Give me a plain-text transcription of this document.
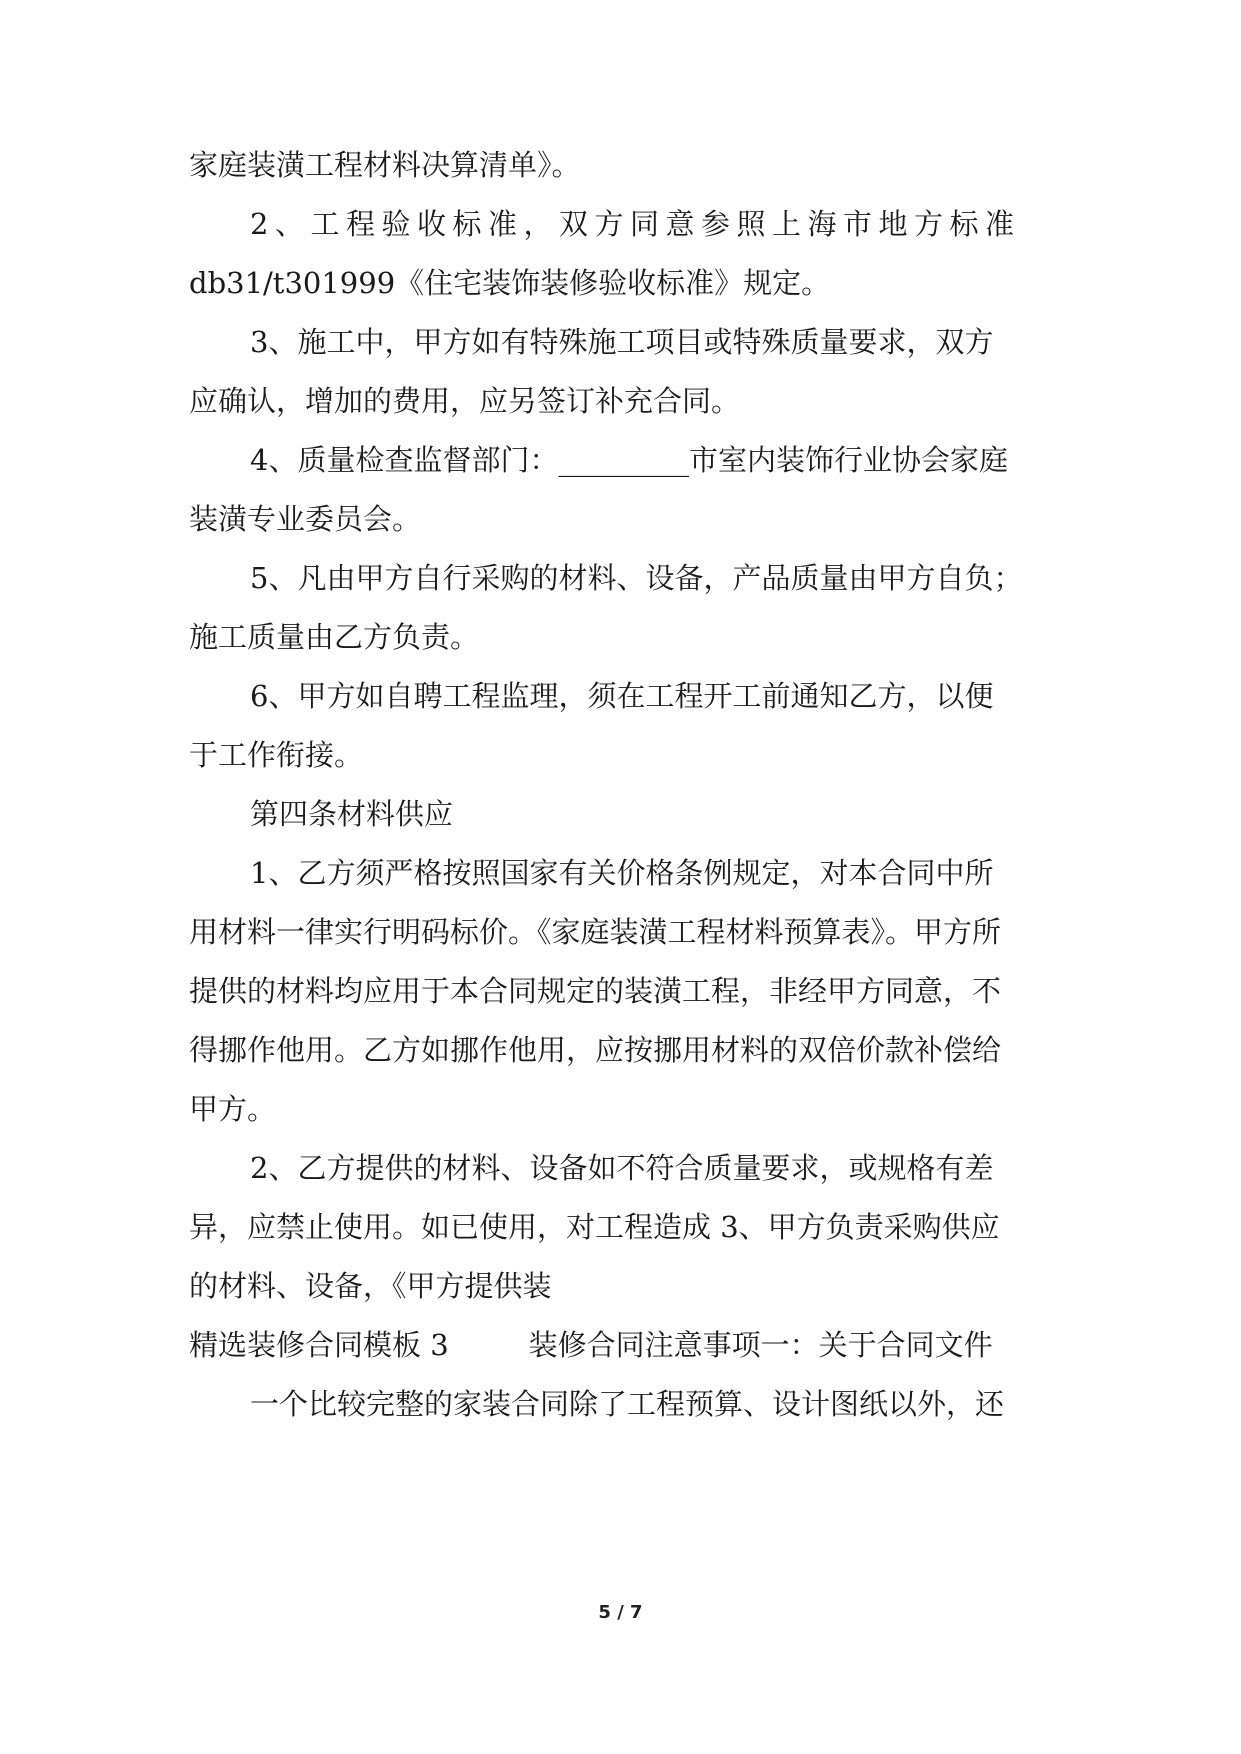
家庭装潢工程材料决算清单》。
2、工程验收标准，双方同意参照上海市地方标准
db31/t301999《住宅装饰装修验收标准》规定。
3、施工中，甲方如有特殊施工项目或特殊质量要求，双方
应确认，增加的费用，应另签订补充合同。
4、质量检查监督部门：_________市室内装饰行业协会家庭
装潢专业委员会。
5、凡由甲方自行采购的材料、设备，产品质量由甲方自负；
施工质量由乙方负责。
6、甲方如自聘工程监理，须在工程开工前通知乙方，以便
于工作衔接。
第四条材料供应
1、乙方须严格按照国家有关价格条例规定，对本合同中所
用材料一律实行明码标价。《家庭装潢工程材料预算表》。甲方所
提供的材料均应用于本合同规定的装潢工程，非经甲方同意，不
得挪作他用。乙方如挪作他用，应按挪用材料的双倍价款补偿给
甲方。
2、乙方提供的材料、设备如不符合质量要求，或规格有差
异，应禁止使用。如已使用，对工程造成 3、甲方负责采购供应
的材料、设备，《甲方提供装
精选装修合同模板 3	装修合同注意事项一：关于合同文件
一个比较完整的家装合同除了工程预算、设计图纸以外，还
5 / 7
